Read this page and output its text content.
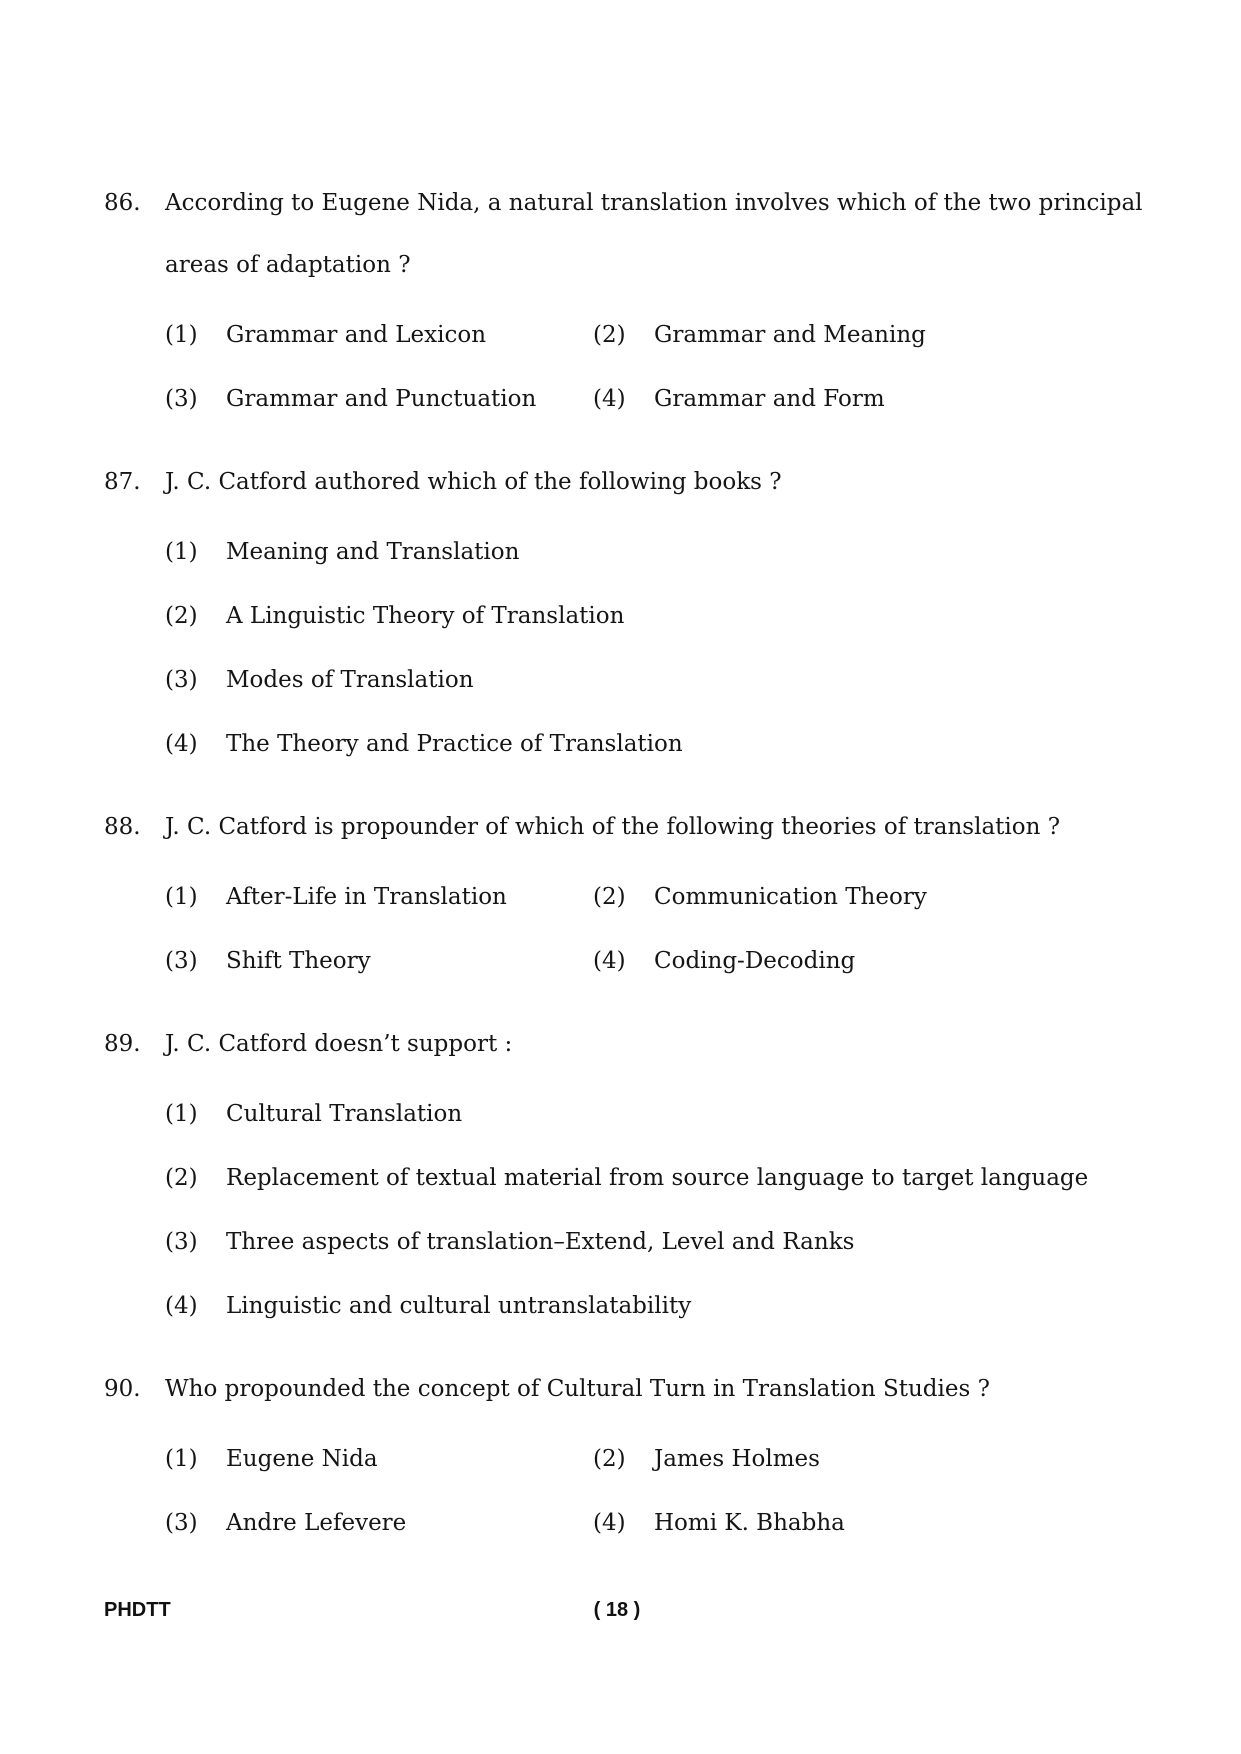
86.	According to Eugene Nida, a natural translation involves which of the two principal
areas of adaptation ?
(1)	Grammar and Lexicon	(2)	Grammar and Meaning
(3)	Grammar and Punctuation (4)	Grammar and Form
87.	J. C. Catford authored which of the following books ?
(1)	Meaning and Translation
(2)	A Linguistic Theory of Translation
(3)	Modes of Translation
(4)	The Theory and Practice of Translation
88.	J. C. Catford is propounder of which of the following theories of translation ?
(1)	After-Life in Translation	(2)	Communication Theory
(3)	Shift Theory	(4)	Coding-Decoding
89.	J. C. Catford doesn’t support :
(1)	Cultural Translation
(2)	Replacement of textual material from source language to target language
(3)	Three aspects of translation–Extend, Level and Ranks
(4)	Linguistic and cultural untranslatability
90.	Who propounded the concept of Cultural Turn in Translation Studies ?
(1)	Eugene Nida	(2)	James Holmes
(3)	Andre Lefevere	(4)	Homi K. Bhabha
PHDTT	( 18 )
